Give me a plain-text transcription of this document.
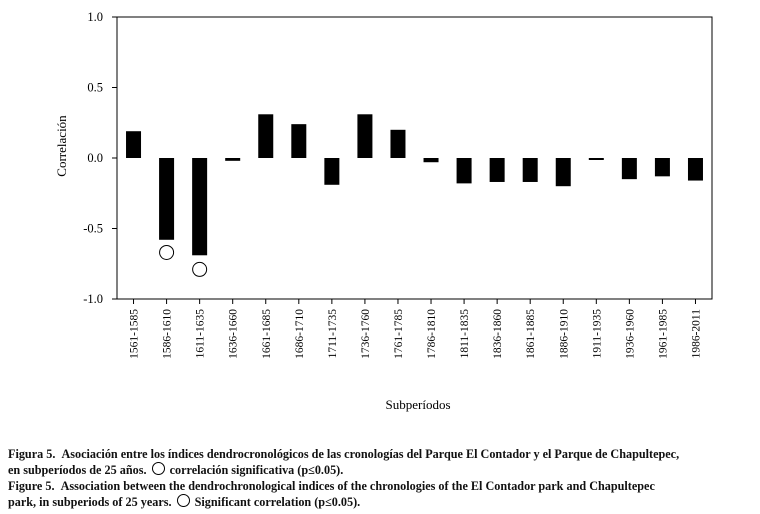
1561-1585 1586-1610 1611-1635 1636-1660 1661-1685 1686-1710 1711-1735 1736-1760 1761-1785 1786-1810 1811-1835 1836-1860 1861-1885 1886-1910 1911-1935 1936-1960 1961-1985 1986-2011
1.0
0.5
0.0
-0.5
-1.0
Correlación
Subperíodos
Figura 5. Asociación entre los índices dendrocronológicos de las cronologías del Parque El Contador y el Parque de Chapultepec,
en subperíodos de 25 años. correlación significativa (p≤0.05).
Figure 5. Association between the dendrochronological indices of the chronologies of the El Contador park and Chapultepec
park, in subperiods of 25 years. Significant correlation (p≤0.05).
